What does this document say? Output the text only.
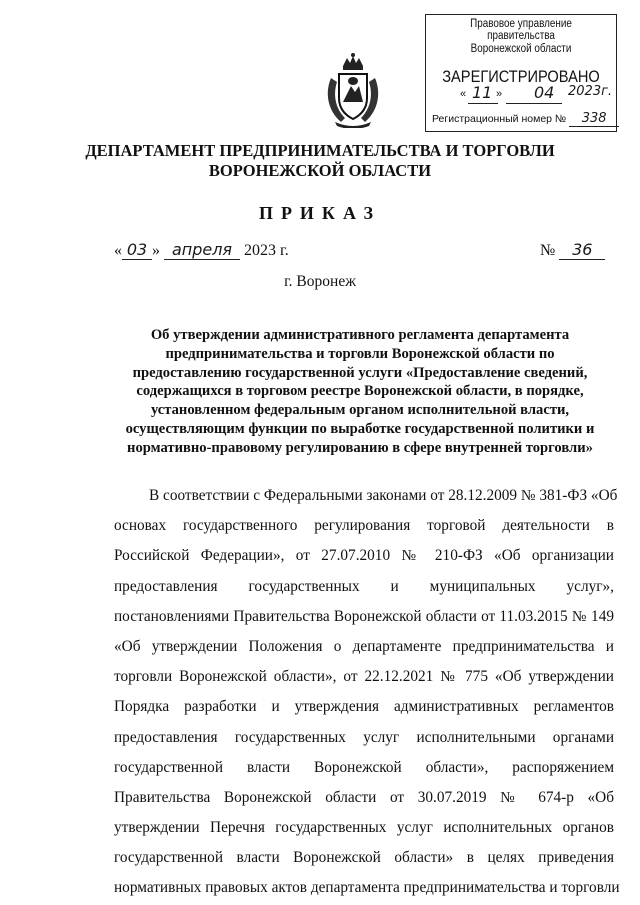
Правовое управление правительства
Воронежской области
ЗАРЕГИСТРИРОВАНО
« 11 » 04 2023г.
Регистрационный номер № 338
ДЕПАРТАМЕНТ ПРЕДПРИНИМАТЕЛЬСТВА И ТОРГОВЛИ
ВОРОНЕЖСКОЙ ОБЛАСТИ
ПРИКАЗ
« 03 » апреля 2023 г.	№ 36
г. Воронеж
Об утверждении административного регламента департамента
предпринимательства и торговли Воронежской области по
предоставлению государственной услуги «Предоставление сведений,
содержащихся в торговом реестре Воронежской области, в порядке,
установленном федеральным органом исполнительной власти,
осуществляющим функции по выработке государственной политики и
нормативно-правовому регулированию в сфере внутренней торговли»
В соответствии с Федеральными законами от 28.12.2009 № 381-ФЗ «Об
основах государственного регулирования торговой деятельности в
Российской Федерации», от 27.07.2010 № 210-ФЗ «Об организации
предоставления государственных и муниципальных услуг»,
постановлениями Правительства Воронежской области от 11.03.2015 № 149
«Об утверждении Положения о департаменте предпринимательства и
торговли Воронежской области», от 22.12.2021 № 775 «Об утверждении
Порядка разработки и утверждения административных регламентов
предоставления государственных услуг исполнительными органами
государственной власти Воронежской области», распоряжением
Правительства Воронежской области от 30.07.2019 № 674-р «Об
утверждении Перечня государственных услуг исполнительных органов
государственной власти Воронежской области» в целях приведения
нормативных правовых актов департамента предпринимательства и торговли
